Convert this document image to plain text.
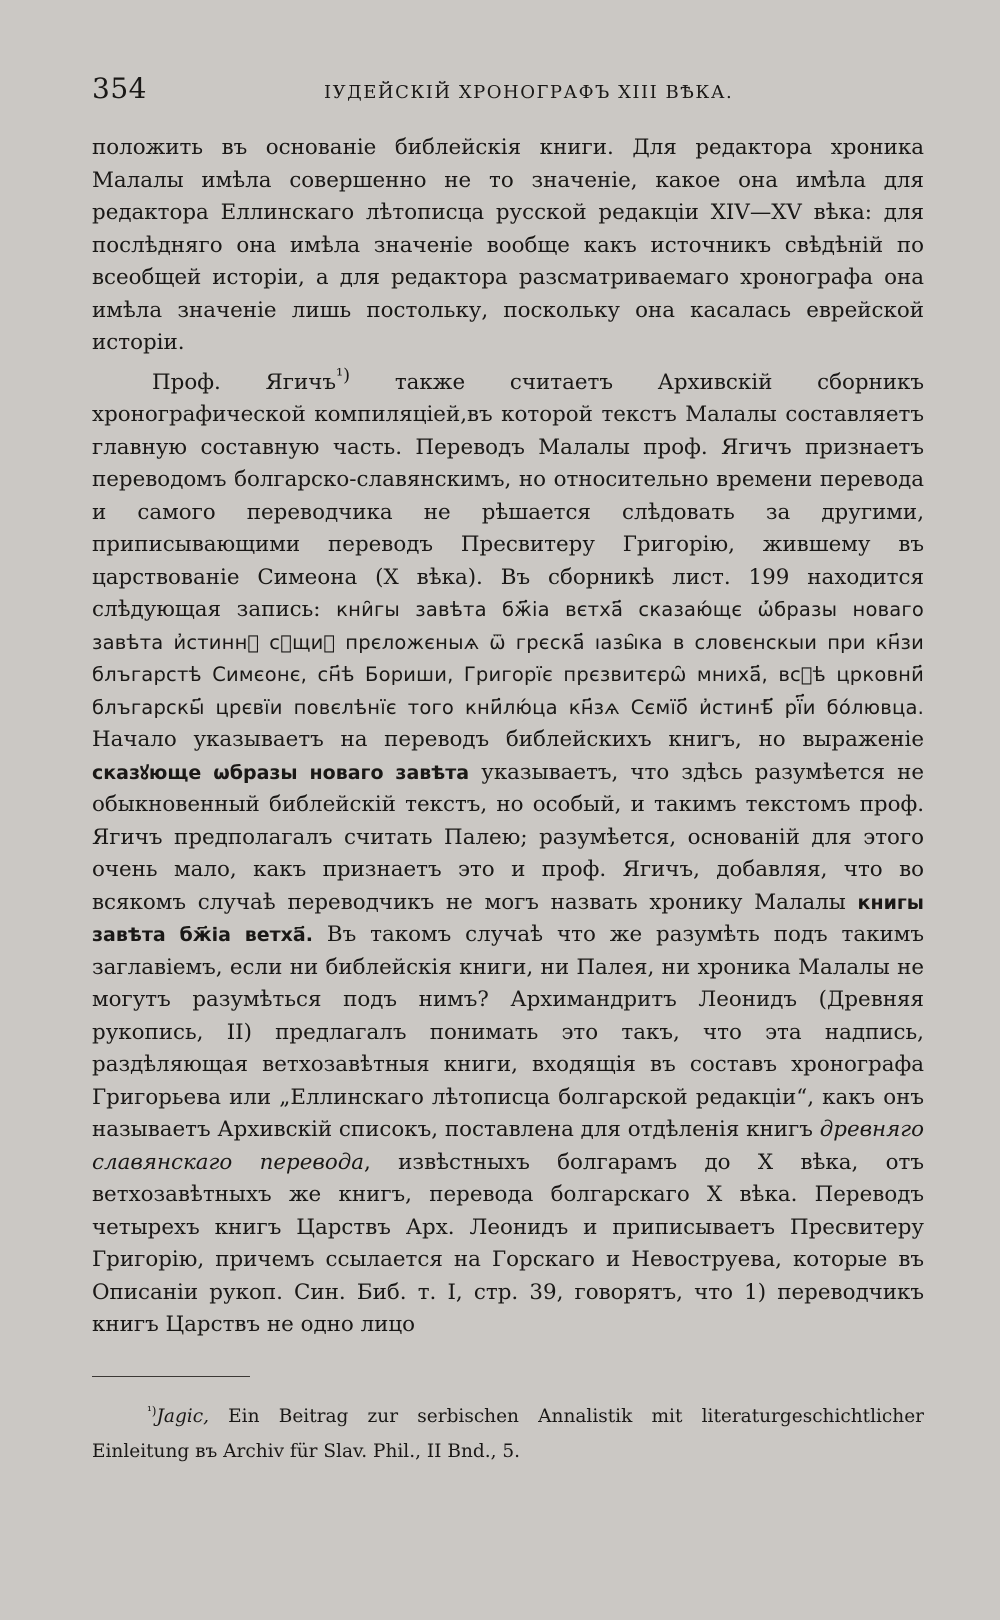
354	ІУДЕЙСКІЙ ХРОНОГРАФЪ XIII ВѢКА.

положить въ основаніе библейскія книги. Для редактора хроника Малалы имѣла совершенно не то значеніе, какое она имѣла для редактора Еллинскаго лѣтописца русской редакціи XIV—XV вѣка: для послѣдняго она имѣла значеніе вообще какъ источникъ свѣдѣній по всеобщей исторіи, а для редактора разсматриваемаго хронографа она имѣла значеніе лишь постольку, поскольку она касалась еврейской исторіи.

Проф. Ягичъ$^{^1)}$ также считаетъ Архивскій сборникъ хронографической компиляціей,въ которой текстъ Малалы составляетъ главную составную часть. Переводъ Малалы проф. Ягичъ признаетъ переводомъ болгарско-славянскимъ, но относительно времени перевода и самого переводчика не рѣшается слѣдовать за другими, приписывающими переводъ Пресвитеру Григорію, жившему въ царствованіе Симеона (X вѣка). Въ сборникѣ лист. 199 находится слѣдующая запись: кни̑гы завѣта бж҃іа вєтха҃ сказаю́щє ѡ҆́бразы новаго завѣта и҆стинн꙯ сꙋщи꙯ прєложєныѧ ѿ грєска҃ ıазы̑ка в словєнскыи при кн҃зи блъгарстѣ Симєонє, сн҃ѣ Бориши, Григорїє прєзвитєрѡ̑ мниха҃, вс꙯ѣ црковни҃ блъгарскы҃ црєвїи повєлѣнїє того кни҃лю́ца кн҃зѧ Сємїо҃ и҆стинѣ҃ рї҃и бо́лювца. Начало указываетъ на переводъ библейскихъ книгъ, но выраженіе сказꙋюще ѡбразы новаго завѣта указываетъ, что здѣсь разумѣется не обыкновенный библейскій текстъ, но особый, и такимъ текстомъ проф. Ягичъ предполагалъ считать Палею; разумѣется, основаній для этого очень мало, какъ признаетъ это и проф. Ягичъ, добавляя, что во всякомъ случаѣ переводчикъ не могъ назвать хронику Малалы книгы завѣта бж҃іа ветха҃. Въ такомъ случаѣ что же разумѣть подъ такимъ заглавіемъ, если ни библейскія книги, ни Палея, ни хроника Малалы не могутъ разумѣться подъ нимъ? Архимандритъ Леонидъ (Древняя рукопись, II) предлагалъ понимать это такъ, что эта надпись, раздѣляющая ветхозавѣтныя книги, входящія въ составъ хронографа Григорьева или „Еллинскаго лѣтописца болгарской редакціи“, какъ онъ называетъ Архивскій списокъ, поставлена для отдѣленія книгъ древняго славянскаго перевода, извѣстныхъ болгарамъ до X вѣка, отъ ветхозавѣтныхъ же книгъ, перевода болгарскаго X вѣка. Переводъ четырехъ книгъ Царствъ Арх. Леонидъ и приписываетъ Пресвитеру Григорію, причемъ ссылается на Горскаго и Невоструева, которые въ Описаніи рукоп. Син. Биб. т. I, стр. 39, говорятъ, что 1) переводчикъ книгъ Царствъ не одно лицо

$^{^1)}$Jagic, Ein Beitrag zur serbischen Annalistik mit literaturgeschichtlicher Einleitung въ Archiv für Slav. Phil., II Bnd., 5.
